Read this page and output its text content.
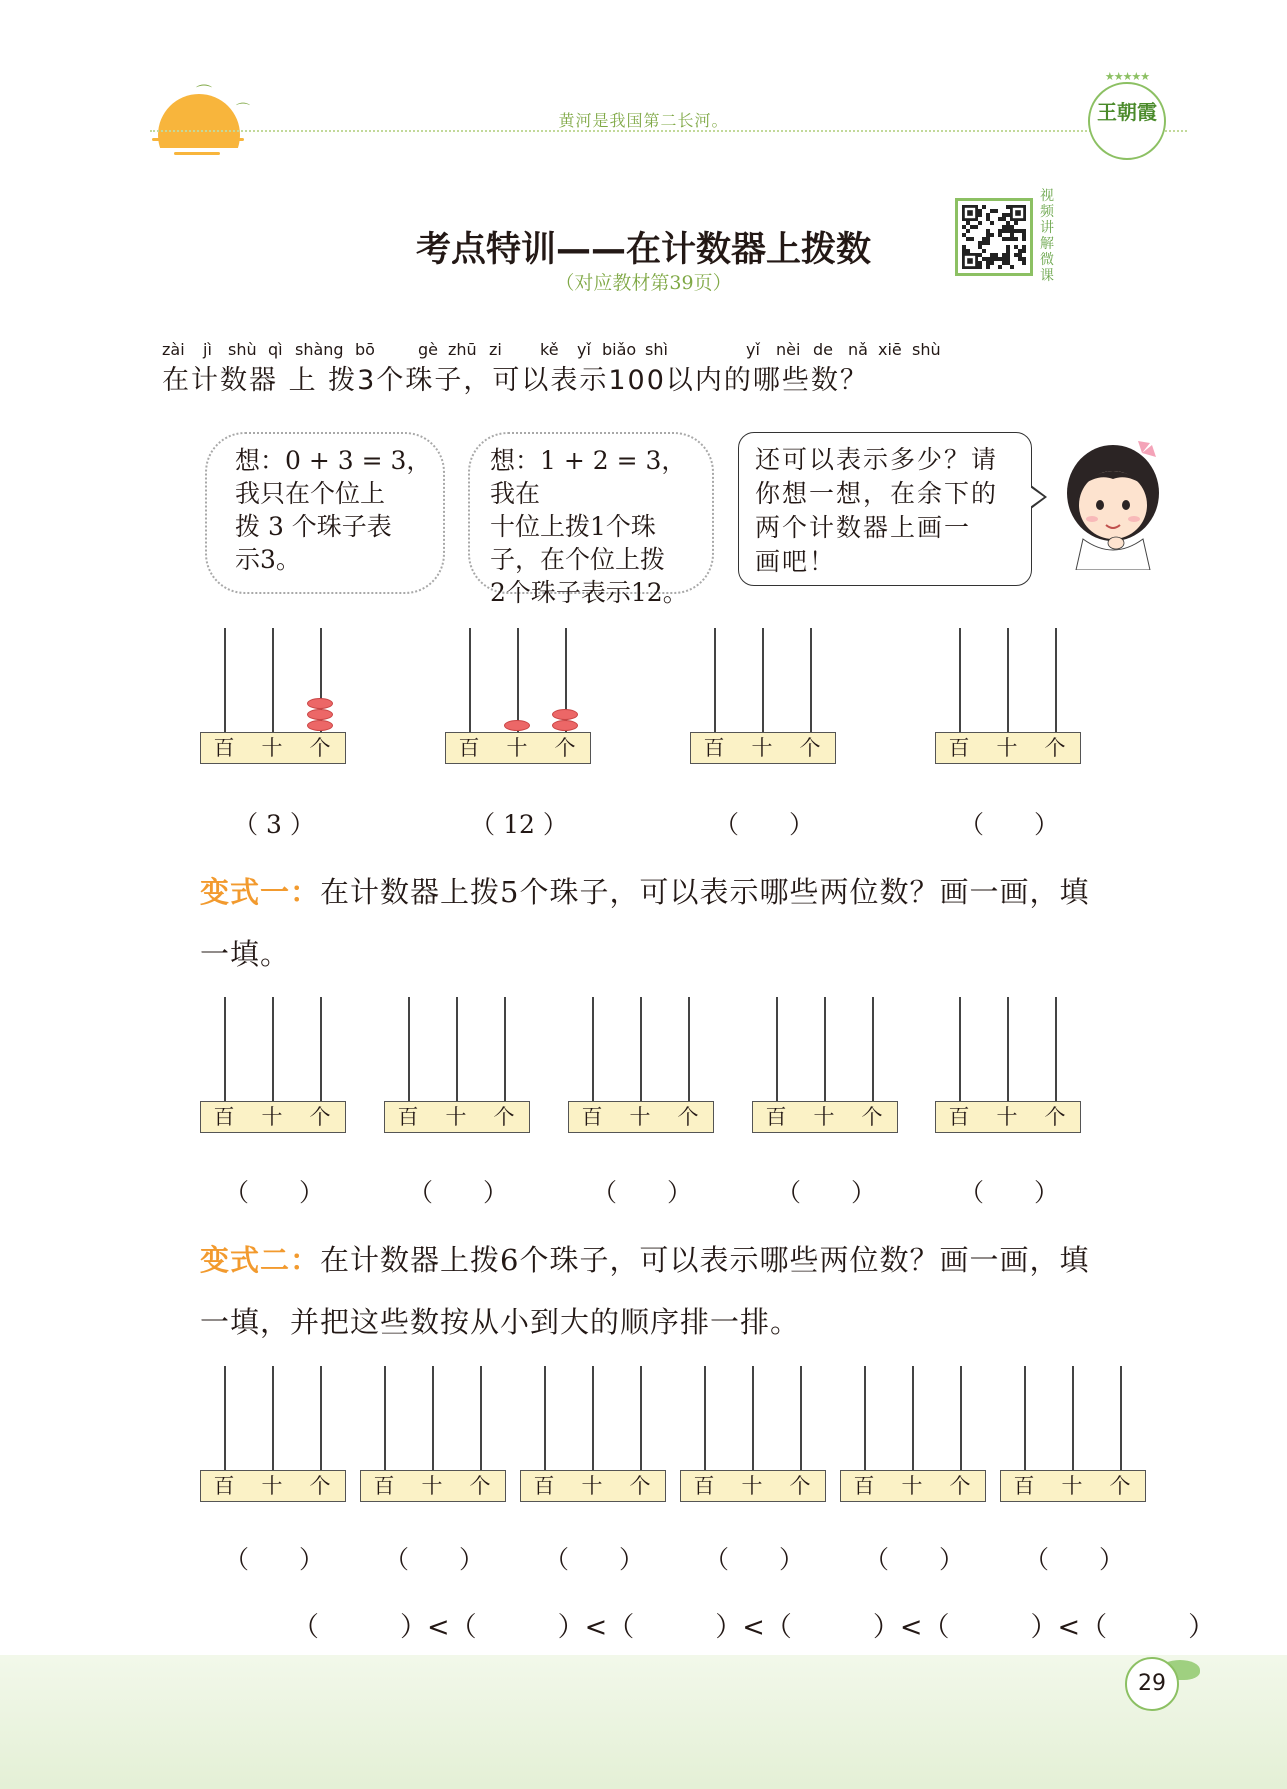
⌒
⌒	黄河是我国第二长河。
★★★★★
王朝霞
考点特训——在计数器上拨数
（对应教材第39页）
视
频
讲
解
微
课
zài jì shù qì shàng bō	gè zhū zi kě yǐ biǎo shì	yǐ nèi de nǎ xiē shù
在计数器 上 拨3个珠子，可以表示100以内的哪些数？
想：0 + 3 = 3，
我只在个位上
拨 3 个珠子表
示3。
想：1 + 2 = 3，我在
十位上拨1个珠
子，在个位上拨
2个珠子表示12。
还可以表示多少？请
你想一想，在余下的
两个计数器上画一
画吧！
百 十 个	百 十 个	百 十 个	百 十 个
（ 3 ）	（ 12 ）	（　　）	（　　）
变式一：在计数器上拨5个珠子，可以表示哪些两位数？画一画，填
一填。
百 十 个	百 十 个	百 十 个	百 十 个	百 十 个
（　　）	（　　）	（　　）	（　　）	（　　）
变式二：在计数器上拨6个珠子，可以表示哪些两位数？画一画，填
一填，并把这些数按从小到大的顺序排一排。
百 十 个 百 十 个 百 十 个 百 十 个 百 十 个 百 十 个
（　　）	（　　）	（　　）	（　　）	（　　）	（　　）
（　　　）<（　　　）<（　　　）<（　　　）<（　　　）<（　　　）
29
